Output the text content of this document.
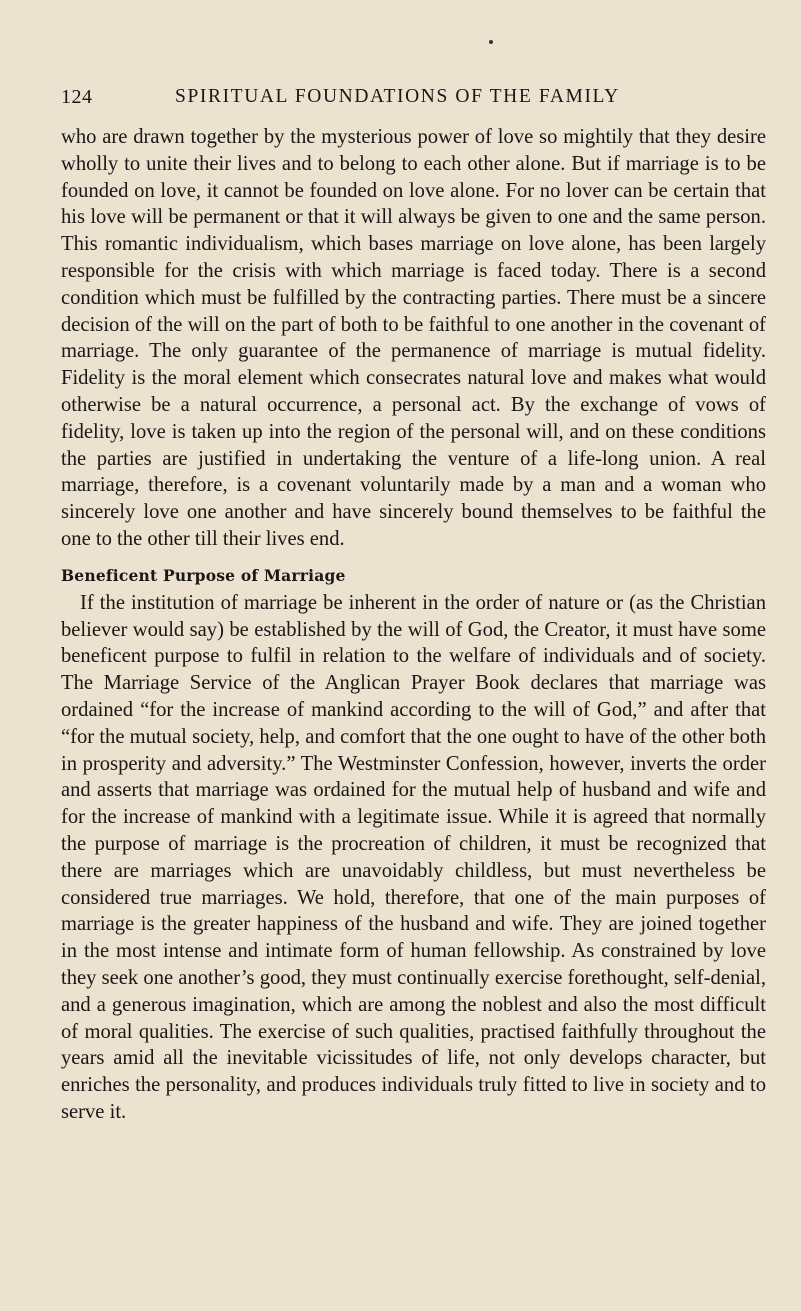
124	SPIRITUAL FOUNDATIONS OF THE FAMILY

who are drawn together by the mysterious power of love so mightily that they desire wholly to unite their lives and to belong to each other alone. But if marriage is to be founded on love, it cannot be founded on love alone. For no lover can be certain that his love will be permanent or that it will always be given to one and the same person. This romantic individualism, which bases marriage on love alone, has been largely responsible for the crisis with which marriage is faced today. There is a second condition which must be fulfilled by the contracting parties. There must be a sincere decision of the will on the part of both to be faithful to one another in the covenant of marriage. The only guarantee of the permanence of marriage is mutual fidelity. Fidelity is the moral element which consecrates natural love and makes what would otherwise be a natural occurrence, a personal act. By the exchange of vows of fidelity, love is taken up into the region of the personal will, and on these conditions the parties are justified in undertaking the venture of a life-long union. A real marriage, therefore, is a covenant voluntarily made by a man and a woman who sincerely love one another and have sincerely bound themselves to be faithful the one to the other till their lives end.

Beneficent Purpose of Marriage

If the institution of marriage be inherent in the order of nature or (as the Christian believer would say) be established by the will of God, the Creator, it must have some beneficent purpose to fulfil in relation to the welfare of individuals and of society. The Marriage Service of the Anglican Prayer Book declares that marriage was ordained “for the increase of mankind according to the will of God,” and after that “for the mutual society, help, and comfort that the one ought to have of the other both in prosperity and adversity.” The Westminster Confession, however, inverts the order and asserts that marriage was ordained for the mutual help of husband and wife and for the increase of mankind with a legitimate issue. While it is agreed that normally the purpose of marriage is the procreation of children, it must be recognized that there are marriages which are unavoidably childless, but must nevertheless be considered true marriages. We hold, therefore, that one of the main purposes of marriage is the greater happiness of the husband and wife. They are joined together in the most intense and intimate form of human fellowship. As constrained by love they seek one another’s good, they must continually exercise forethought, self-denial, and a generous imagination, which are among the noblest and also the most difficult of moral qualities. The exercise of such qualities, practised faithfully throughout the years amid all the inevitable vicissitudes of life, not only develops character, but enriches the personality, and produces individuals truly fitted to live in society and to serve it.
